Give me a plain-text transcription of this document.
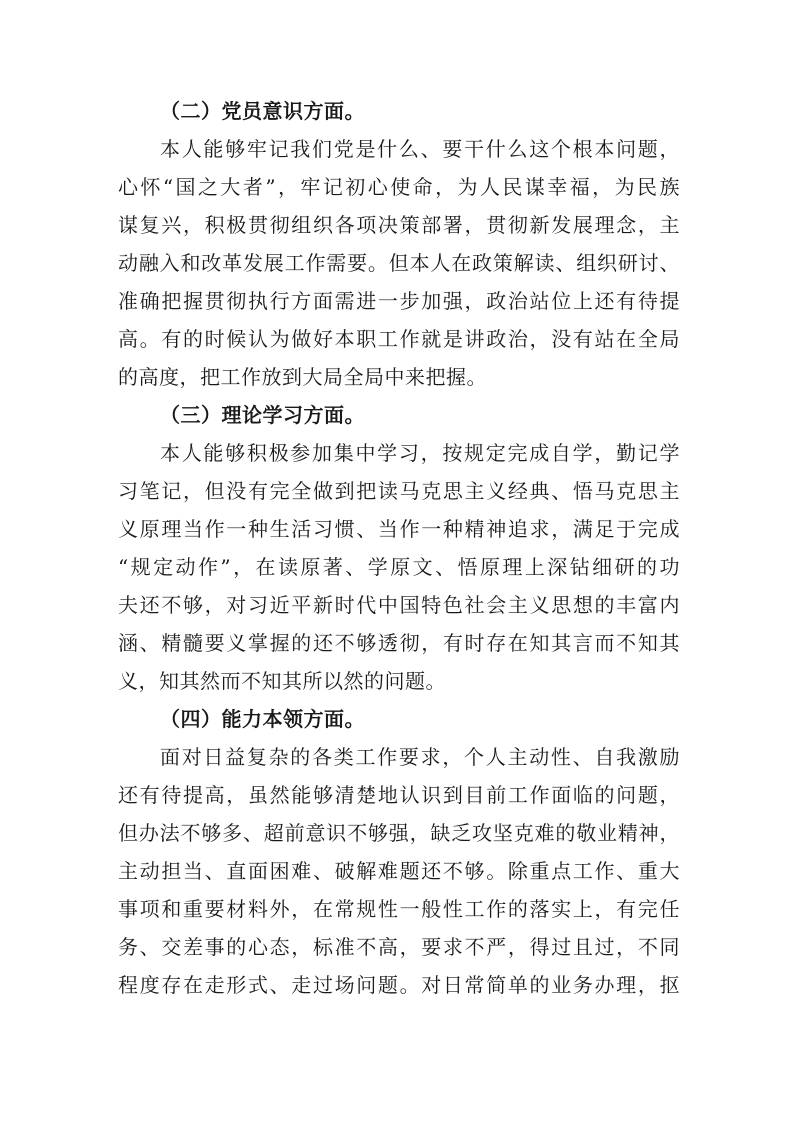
（二）党员意识方面。
本人能够牢记我们党是什么、要干什么这个根本问题，
心怀“国之大者”，牢记初心使命，为人民谋幸福，为民族
谋复兴，积极贯彻组织各项决策部署，贯彻新发展理念，主
动融入和改革发展工作需要。但本人在政策解读、组织研讨、
准确把握贯彻执行方面需进一步加强，政治站位上还有待提
高。有的时候认为做好本职工作就是讲政治，没有站在全局
的高度，把工作放到大局全局中来把握。
（三）理论学习方面。
本人能够积极参加集中学习，按规定完成自学，勤记学
习笔记，但没有完全做到把读马克思主义经典、悟马克思主
义原理当作一种生活习惯、当作一种精神追求，满足于完成
“规定动作”，在读原著、学原文、悟原理上深钻细研的功
夫还不够，对习近平新时代中国特色社会主义思想的丰富内
涵、精髓要义掌握的还不够透彻，有时存在知其言而不知其
义，知其然而不知其所以然的问题。
（四）能力本领方面。
面对日益复杂的各类工作要求，个人主动性、自我激励
还有待提高，虽然能够清楚地认识到目前工作面临的问题，
但办法不够多、超前意识不够强，缺乏攻坚克难的敬业精神，
主动担当、直面困难、破解难题还不够。除重点工作、重大
事项和重要材料外，在常规性一般性工作的落实上，有完任
务、交差事的心态，标准不高，要求不严，得过且过，不同
程度存在走形式、走过场问题。对日常简单的业务办理，抠
